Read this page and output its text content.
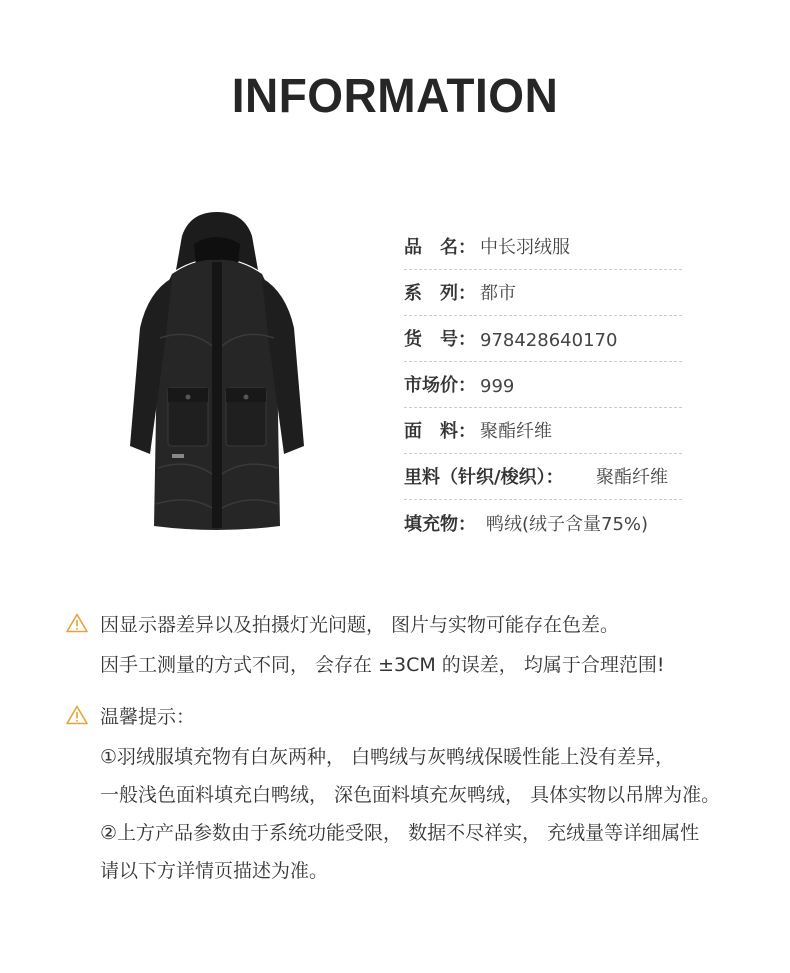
INFORMATION
品　名： 中长羽绒服
系　列： 都市
货　号： 978428640170
市场价： 999
面　料： 聚酯纤维
里料（针织/梭织）： 聚酯纤维
填充物： 鸭绒(绒子含量75%)
因显示器差异以及拍摄灯光问题， 图片与实物可能存在色差。
因手工测量的方式不同， 会存在 ±3CM 的误差， 均属于合理范围!
温馨提示：
①羽绒服填充物有白灰两种， 白鸭绒与灰鸭绒保暖性能上没有差异，
一般浅色面料填充白鸭绒， 深色面料填充灰鸭绒， 具体实物以吊牌为准。
②上方产品参数由于系统功能受限， 数据不尽祥实， 充绒量等详细属性
请以下方详情页描述为准。
